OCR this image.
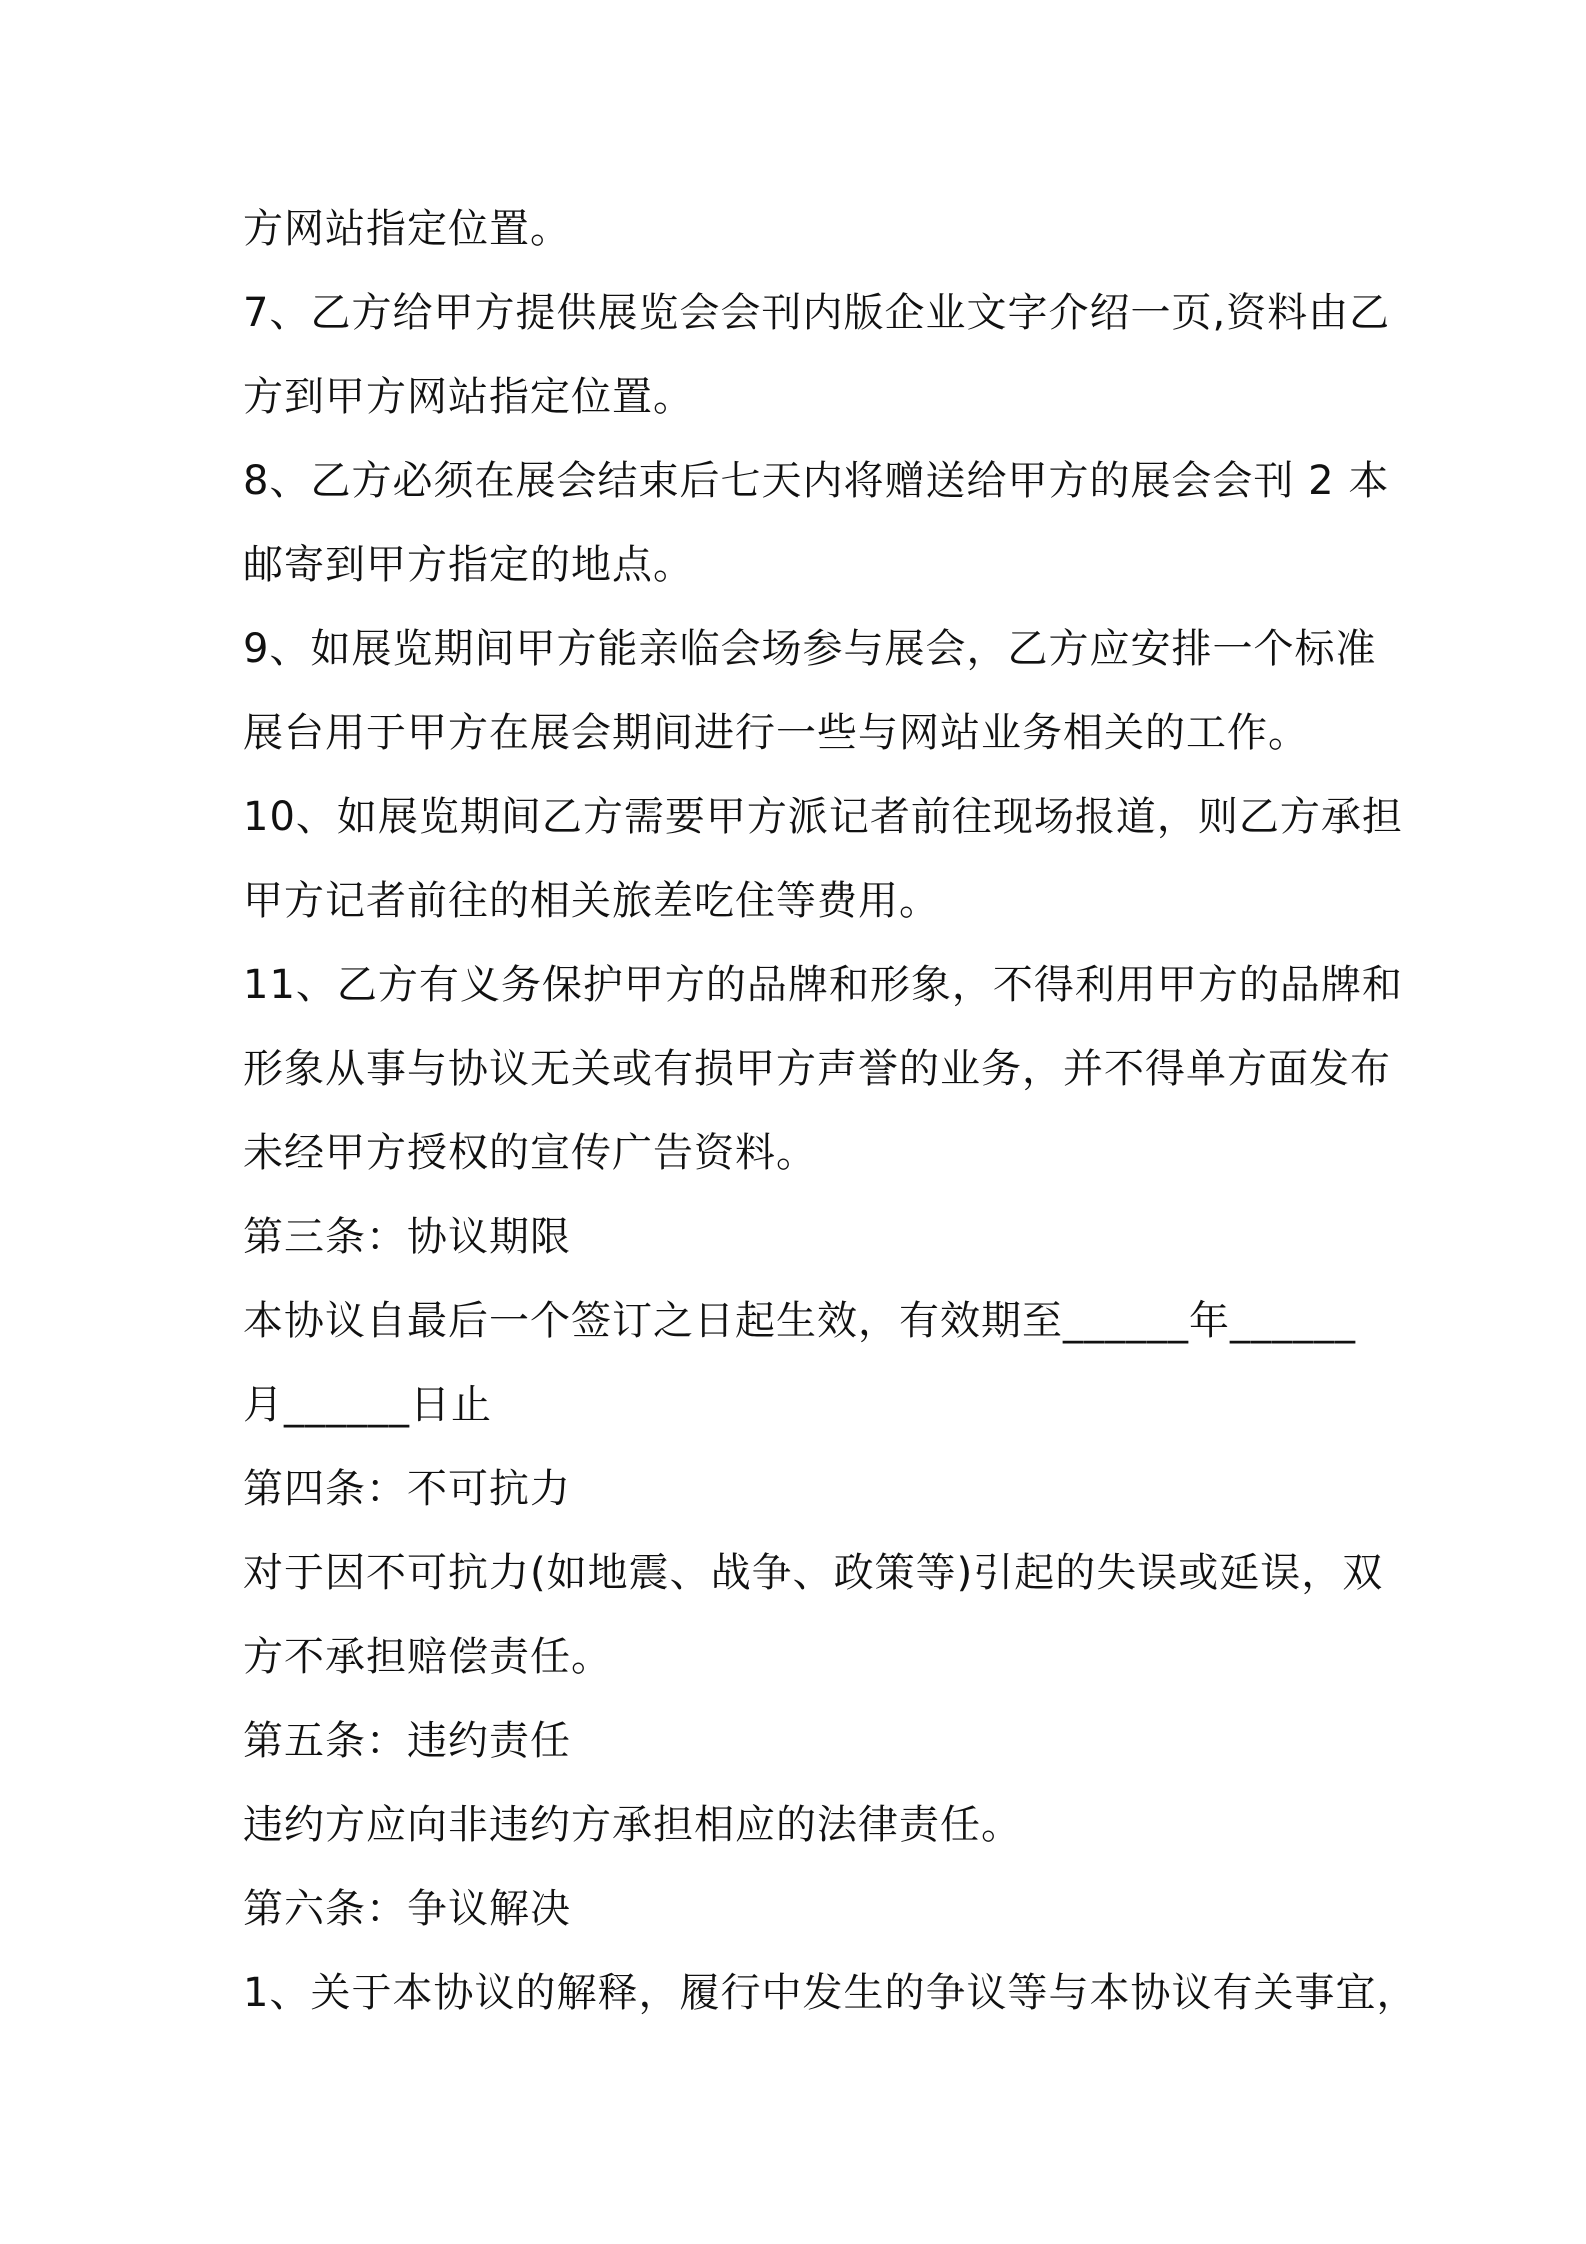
方网站指定位置。
7、乙方给甲方提供展览会会刊内版企业文字介绍一页,资料由乙
方到甲方网站指定位置。
8、乙方必须在展会结束后七天内将赠送给甲方的展会会刊 2 本
邮寄到甲方指定的地点。
9、如展览期间甲方能亲临会场参与展会，乙方应安排一个标准
展台用于甲方在展会期间进行一些与网站业务相关的工作。
10、如展览期间乙方需要甲方派记者前往现场报道，则乙方承担
甲方记者前往的相关旅差吃住等费用。
11、乙方有义务保护甲方的品牌和形象，不得利用甲方的品牌和
形象从事与协议无关或有损甲方声誉的业务，并不得单方面发布
未经甲方授权的宣传广告资料。
第三条：协议期限
本协议自最后一个签订之日起生效，有效期至______年______
月______日止
第四条：不可抗力
对于因不可抗力(如地震、战争、政策等)引起的失误或延误，双
方不承担赔偿责任。
第五条：违约责任
违约方应向非违约方承担相应的法律责任。
第六条：争议解决
1、关于本协议的解释，履行中发生的争议等与本协议有关事宜，
